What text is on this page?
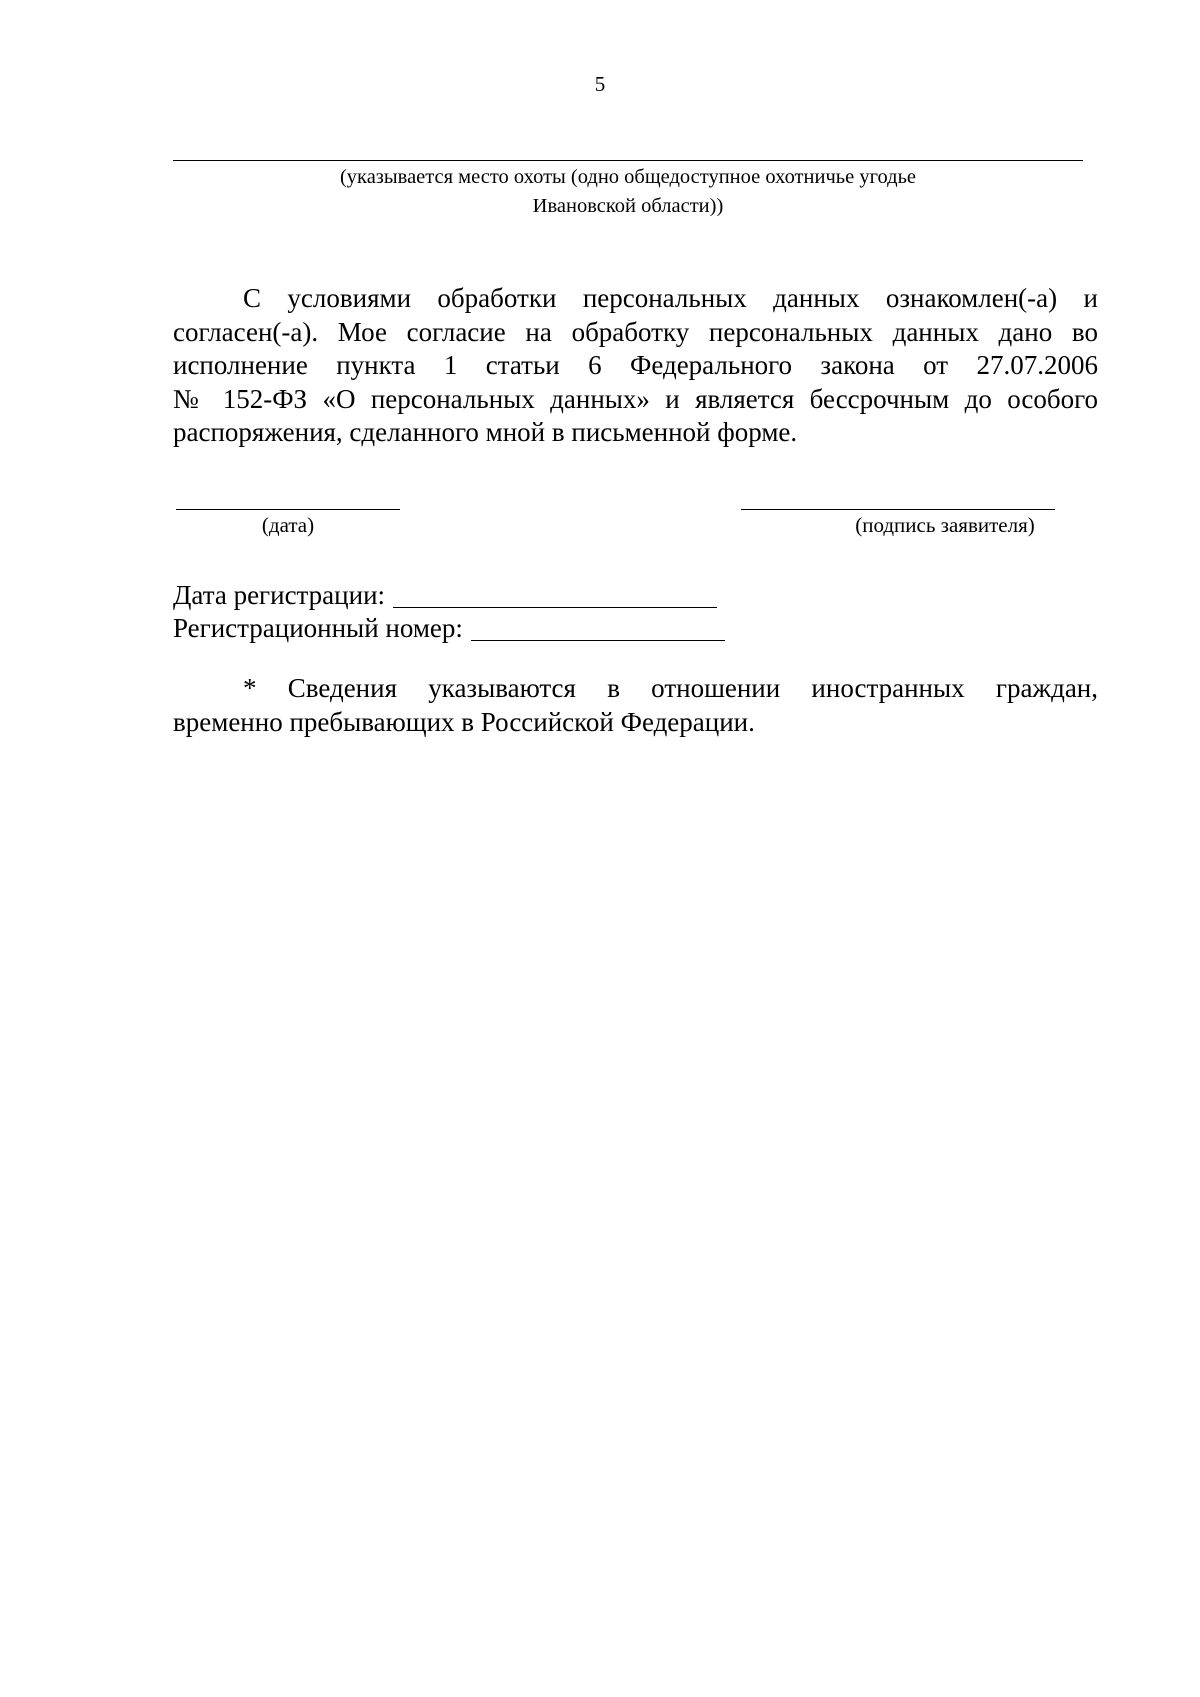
5
(указывается место охоты (одно общедоступное охотничье угодье
Ивановской области))
С условиями обработки персональных данных ознакомлен(-а) и
согласен(-а). Мое согласие на обработку персональных данных дано во
исполнение пункта 1 статьи 6 Федерального закона от 27.07.2006
№ 152-ФЗ «О персональных данных» и является бессрочным до особого
распоряжения, сделанного мной в письменной форме.
(дата)	(подпись заявителя)
Дата регистрации:
Регистрационный номер:
* Сведения указываются в отношении иностранных граждан,
временно пребывающих в Российской Федерации.
